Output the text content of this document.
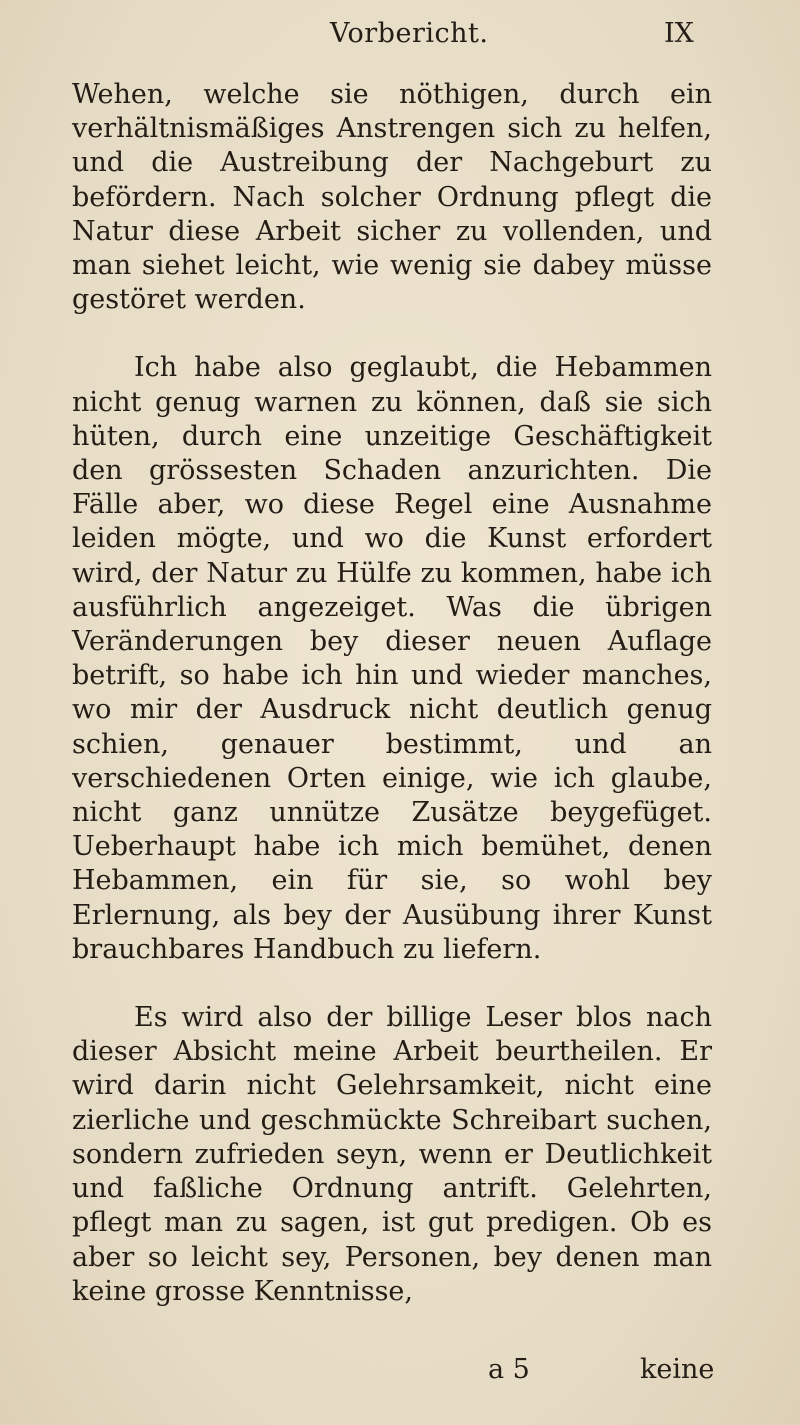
Vorbericht.	IX

Wehen, welche sie nöthigen, durch ein verhältnismäßiges Anstrengen sich zu helfen, und die Austreibung der Nachgeburt zu befördern. Nach solcher Ordnung pflegt die Natur diese Arbeit sicher zu vollenden, und man siehet leicht, wie wenig sie dabey müsse gestöret werden.

Ich habe also geglaubt, die Hebammen nicht genug warnen zu können, daß sie sich hüten, durch eine unzeitige Geschäftigkeit den grössesten Schaden anzurichten. Die Fälle aber, wo diese Regel eine Ausnahme leiden mögte, und wo die Kunst erfordert wird, der Natur zu Hülfe zu kommen, habe ich ausführlich angezeiget. Was die übrigen Veränderungen bey dieser neuen Auflage betrift, so habe ich hin und wieder manches, wo mir der Ausdruck nicht deutlich genug schien, genauer bestimmt, und an verschiedenen Orten einige, wie ich glaube, nicht ganz unnütze Zusätze beygefüget. Ueberhaupt habe ich mich bemühet, denen Hebammen, ein für sie, so wohl bey Erlernung, als bey der Ausübung ihrer Kunst brauchbares Handbuch zu liefern.

Es wird also der billige Leser blos nach dieser Absicht meine Arbeit beurtheilen. Er wird darin nicht Gelehrsamkeit, nicht eine zierliche und geschmückte Schreibart suchen, sondern zufrieden seyn, wenn er Deutlichkeit und faßliche Ordnung antrift. Gelehrten, pflegt man zu sagen, ist gut predigen. Ob es aber so leicht sey, Personen, bey denen man keine grosse Kenntnisse,

a 5	keine
